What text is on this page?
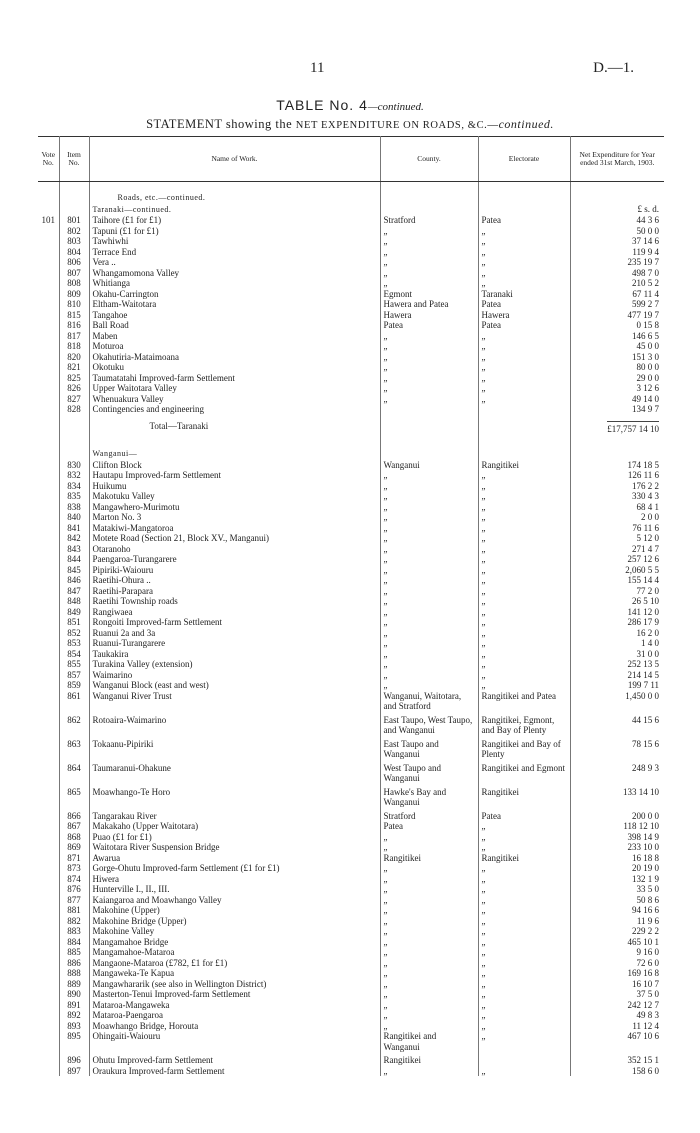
11	D.—1.
TABLE No. 4—continued.
STATEMENT showing the NET EXPENDITURE ON ROADS, &C.—continued.
Vote No.	Item No.	Name of Work.	County.	Electorate	Net Expenditure for Year ended 31st March, 1903.
		Roads, etc.—continued.			
		Taranaki—continued.			£ s. d.
101	801	Taihore (£1 for £1)	Stratford	Patea	44 3 6
	802	Tapuni (£1 for £1)	„	„	50 0 0
	803	Tawhiwhi	„	„	37 14 6
	804	Terrace End	„	„	119 9 4
	806	Vera ..	„	„	235 19 7
	807	Whangamomona Valley	„	„	498 7 0
	808	Whitianga	„	„	210 5 2
	809	Okahu-Carrington	Egmont	Taranaki	67 11 4
	810	Eltham-Waitotara	Hawera and Patea	Patea	599 2 7
	815	Tangahoe	Hawera	Hawera	477 19 7
	816	Ball Road	Patea	Patea	0 15 8
	817	Maben	„	„	146 6 5
	818	Moturoa	„	„	45 0 0
	820	Okahutiria-Mataimoana	„	„	151 3 0
	821	Okotuku	„	„	80 0 0
	825	Taumatatahi Improved-farm Settlement	„	„	29 0 0
	826	Upper Waitotara Valley	„	„	3 12 6
	827	Whenuakura Valley	„	„	49 14 0
	828	Contingencies and engineering			134 9 7
		Total—Taranaki			£17,757 14 10
		Wanganui—			
	830	Clifton Block	Wanganui	Rangitikei	174 18 5
	832	Hautapu Improved-farm Settlement	„	„	126 11 6
	834	Huikumu	„	„	176 2 2
	835	Makotuku Valley	„	„	330 4 3
	838	Mangawhero-Murimotu	„	„	68 4 1
	840	Marton No. 3	„	„	2 0 0
	841	Matakiwi-Mangatoroa	„	„	76 11 6
	842	Motete Road (Section 21, Block XV., Manganui)	„	„	5 12 0
	843	Otaranoho	„	„	271 4 7
	844	Paengaroa-Turangarere	„	„	257 12 6
	845	Pipiriki-Waiouru	„	„	2,060 5 5
	846	Raetihi-Ohura ..	„	„	155 14 4
	847	Raetihi-Parapara	„	„	77 2 0
	848	Raetihi Township roads	„	„	26 5 10
	849	Rangiwaea	„	„	141 12 0
	851	Rongoiti Improved-farm Settlement	„	„	286 17 9
	852	Ruanui 2a and 3a	„	„	16 2 0
	853	Ruanui-Turangarere	„	„	1 4 0
	854	Taukakira	„	„	31 0 0
	855	Turakina Valley (extension)	„	„	252 13 5
	857	Waimarino	„	„	214 14 5
	859	Wanganui Block (east and west)	„	„	199 7 11
	861	Wanganui River Trust	Wanganui, Waitotara, and Stratford	Rangitikei and Patea	1,450 0 0
	862	Rotoaira-Waimarino	East Taupo, West Taupo, and Wanganui	Rangitikei, Egmont, and Bay of Plenty	44 15 6
	863	Tokaanu-Pipiriki	East Taupo and Wanganui	Rangitikei and Bay of Plenty	78 15 6
	864	Taumaranui-Ohakune	West Taupo and Wanganui	Rangitikei and Egmont	248 9 3
	865	Moawhango-Te Horo	Hawke's Bay and Wanganui	Rangitikei	133 14 10
	866	Tangarakau River	Stratford	Patea	200 0 0
	867	Makakaho (Upper Waitotara)	Patea	„	118 12 10
	868	Puao (£1 for £1)	„	„	398 14 9
	869	Waitotara River Suspension Bridge	„	„	233 10 0
	871	Awarua	Rangitikei	Rangitikei	16 18 8
	873	Gorge-Ohutu Improved-farm Settlement (£1 for £1)	„	„	20 19 0
	874	Hiwera	„	„	132 1 9
	876	Hunterville I., II., III.	„	„	33 5 0
	877	Kaiangaroa and Moawhango Valley	„	„	50 8 6
	881	Makohine (Upper)	„	„	94 16 6
	882	Makohine Bridge (Upper)	„	„	11 9 6
	883	Makohine Valley	„	„	229 2 2
	884	Mangamahoe Bridge	„	„	465 10 1
	885	Mangamahoe-Mataroa	„	„	9 16 0
	886	Mangaone-Mataroa (£782, £1 for £1)	„	„	72 6 0
	888	Mangaweka-Te Kapua	„	„	169 16 8
	889	Mangawhararik (see also in Wellington District)	„	„	16 10 7
	890	Masterton-Tenui Improved-farm Settlement	„	„	37 5 0
	891	Mataroa-Mangaweka	„	„	242 12 7
	892	Mataroa-Paengaroa	„	„	49 8 3
	893	Moawhango Bridge, Horouta	„	„	11 12 4
	895	Ohingaiti-Waiouru	Rangitikei and Wanganui	„	467 10 6
	896	Ohutu Improved-farm Settlement	Rangitikei		352 15 1
	897	Oraukura Improved-farm Settlement	„	„	158 6 0
